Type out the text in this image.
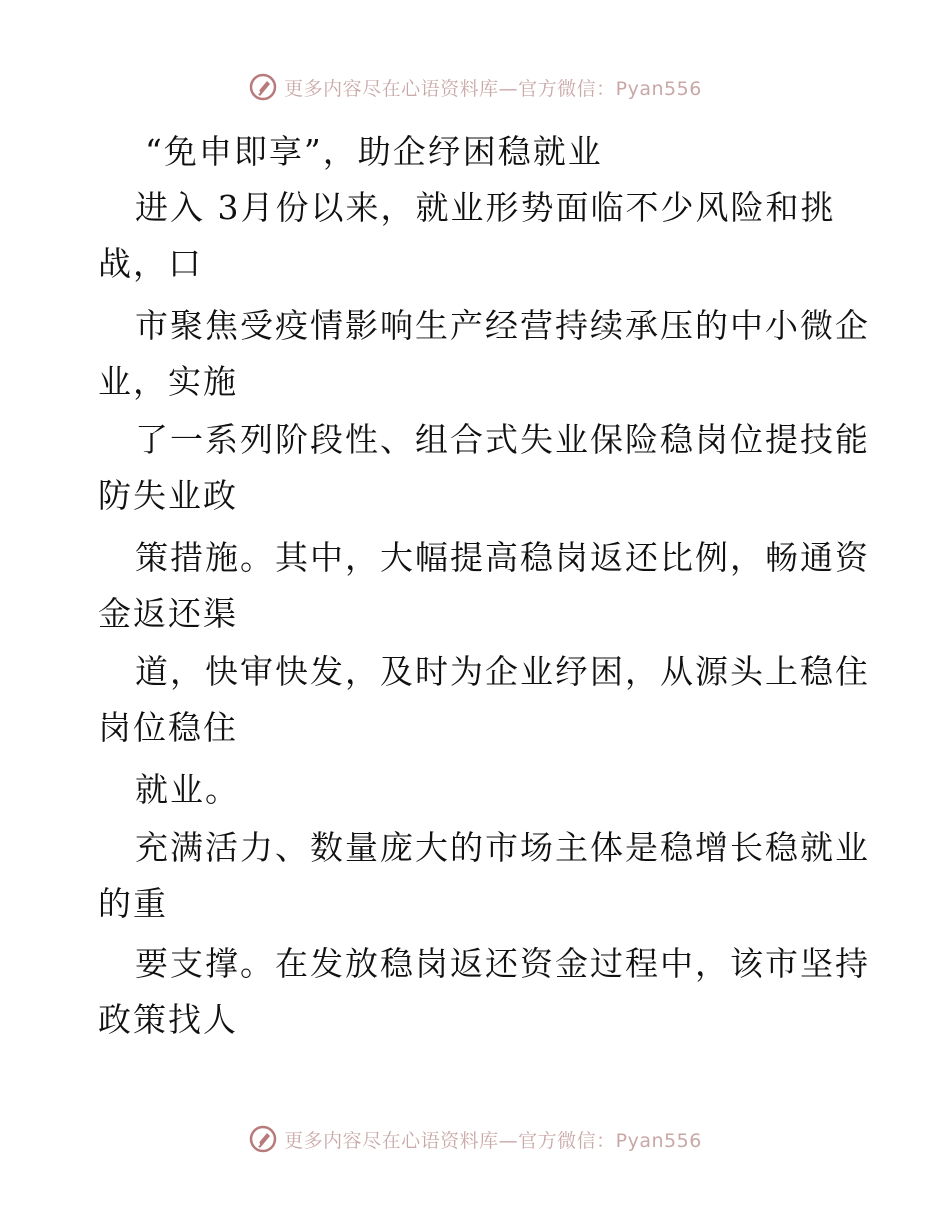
更多内容尽在心语资料库—官方微信：Pyan556
“免申即享”，助企纾困稳就业
进入 3月份以来，就业形势面临不少风险和挑
战，口
市聚焦受疫情影响生产经营持续承压的中小微企
业，实施
了一系列阶段性、组合式失业保险稳岗位提技能
防失业政
策措施。其中，大幅提高稳岗返还比例，畅通资
金返还渠
道，快审快发，及时为企业纾困，从源头上稳住
岗位稳住
就业。
充满活力、数量庞大的市场主体是稳增长稳就业
的重
要支撑。在发放稳岗返还资金过程中，该市坚持
政策找人
更多内容尽在心语资料库—官方微信：Pyan556
